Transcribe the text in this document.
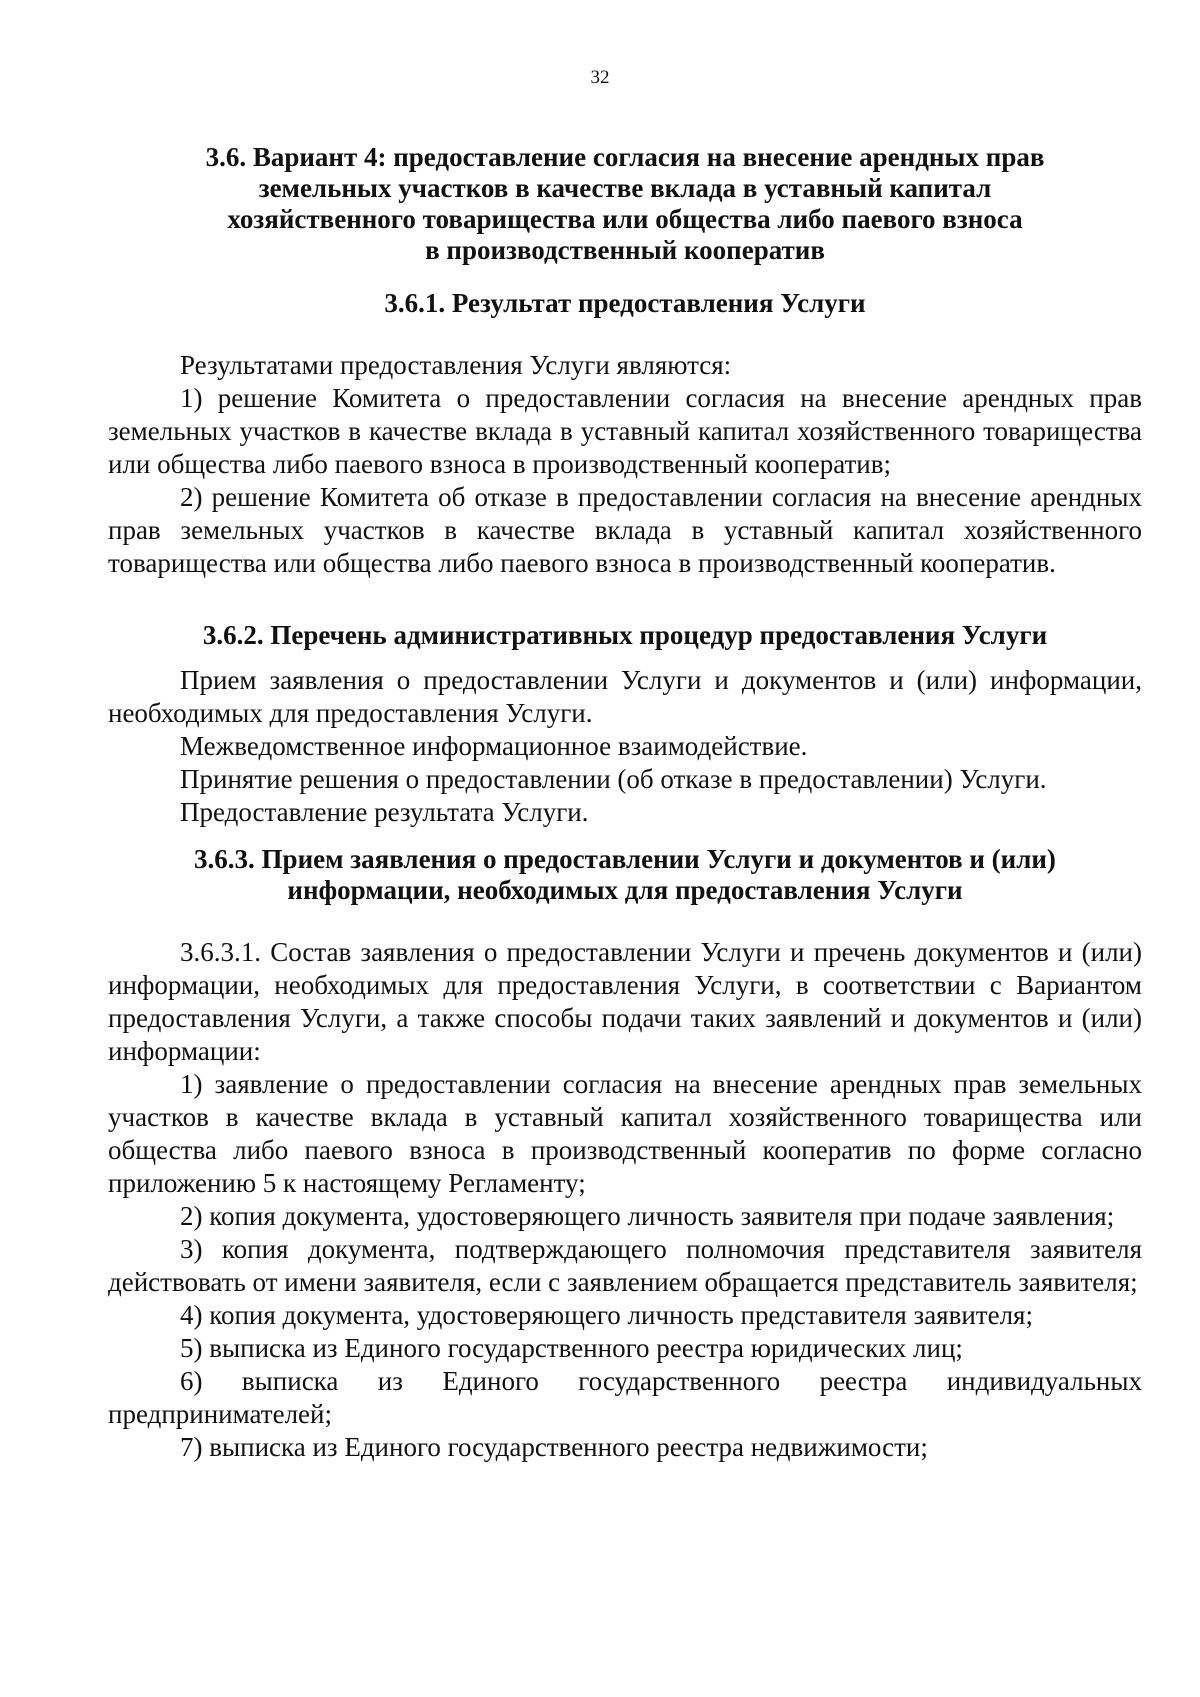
32
3.6. Вариант 4: предоставление согласия на внесение арендных прав
земельных участков в качестве вклада в уставный капитал
хозяйственного товарищества или общества либо паевого взноса
в производственный кооператив
3.6.1. Результат предоставления Услуги

Результатами предоставления Услуги являются:

1) решение Комитета о предоставлении согласия на внесение арендных прав земельных участков в качестве вклада в уставный капитал хозяйственного товарищества или общества либо паевого взноса в производственный кооператив;

2) решение Комитета об отказе в предоставлении согласия на внесение арендных прав земельных участков в качестве вклада в уставный капитал хозяйственного товарищества или общества либо паевого взноса в производственный кооператив.

3.6.2. Перечень административных процедур предоставления Услуги

Прием заявления о предоставлении Услуги и документов и (или) информации, необходимых для предоставления Услуги.

Межведомственное информационное взаимодействие.

Принятие решения о предоставлении (об отказе в предоставлении) Услуги.

Предоставление результата Услуги.

3.6.3. Прием заявления о предоставлении Услуги и документов и (или)
информации, необходимых для предоставления Услуги

3.6.3.1. Состав заявления о предоставлении Услуги и пречень документов и (или) информации, необходимых для предоставления Услуги, в соответствии с Вариантом предоставления Услуги, а также способы подачи таких заявлений и документов и (или) информации:

1) заявление о предоставлении согласия на внесение арендных прав земельных участков в качестве вклада в уставный капитал хозяйственного товарищества или общества либо паевого взноса в производственный кооператив по форме согласно приложению 5 к настоящему Регламенту;

2) копия документа, удостоверяющего личность заявителя при подаче заявления;

3) копия документа, подтверждающего полномочия представителя заявителя действовать от имени заявителя, если с заявлением обращается представитель заявителя;

4) копия документа, удостоверяющего личность представителя заявителя;

5) выписка из Единого государственного реестра юридических лиц;

6) выписка из Единого государственного реестра индивидуальных предпринимателей;

7) выписка из Единого государственного реестра недвижимости;
